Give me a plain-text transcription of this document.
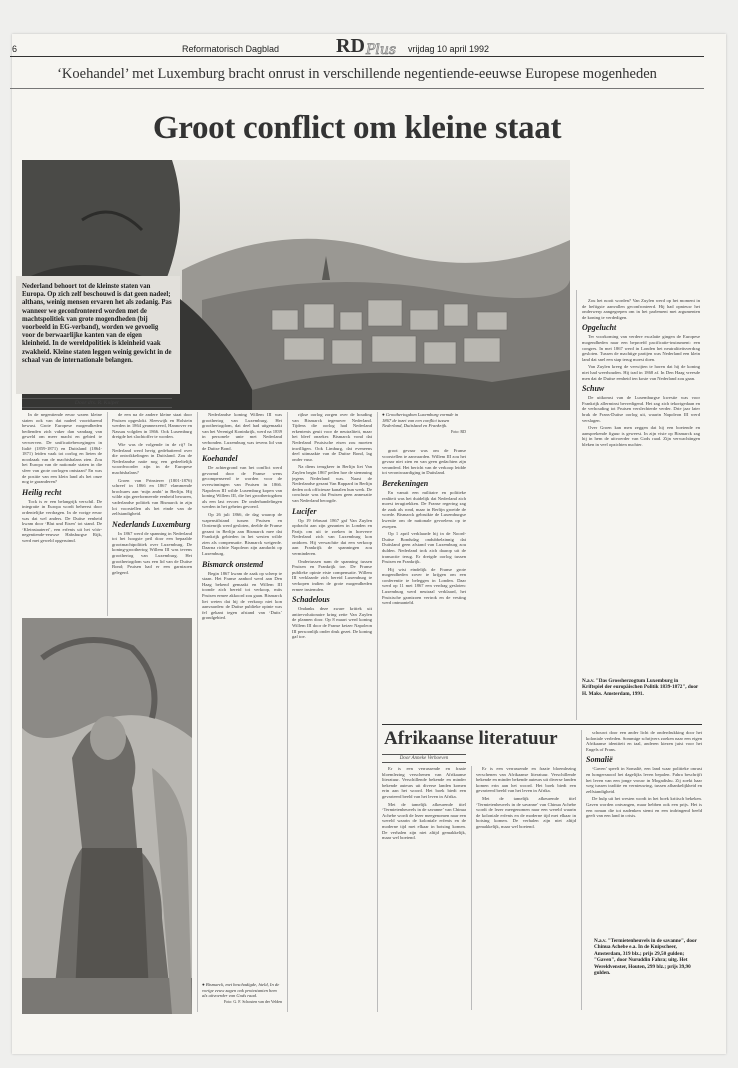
6	Reformatorisch Dagblad	vrijdag 10 april 1992
RD Plus
‘Koehandel’ met Luxemburg bracht onrust in verschillende negentiende-eeuwse Europese mogenheden
Groot conflict om kleine staat
Nederland behoort tot de kleinste staten van Europa. Op zich zelf beschouwd is dat geen nadeel; althans, weinig mensen ervaren het als zodanig. Pas wanneer we geconfronteerd worden met de machtspolitiek van grote mogendheden (bij voorbeeld in EG-verband), worden we gevoelig voor de berwaarlijke kanten van de eigen kleinheid. In de wereldpolitiek is kleinheid vaak zwakheid. Kleine staten leggen weinig gewicht in de schaal van de internationale belangen.
Door drs. R. Kuiper

In de negentiende eeuw waren kleine staten ook van dat nadeel voortdurend bewust. Grote Europese mogendheden bedienden zich vaker dan vandaag van geweld om meer macht en gebied te verwerven. De unificatiebewegingen in Italië (1859-1871) en Duitsland (1864-1871) leiden vaak tot oorlog en lieten de noodzaak van de machtsbalans zien. Zou het Europa van de nationale staten in die sfeer van grote oorlogen ontstaan? En was de positie van een klein land als het onze nog te garanderen?

Heilig recht

Tock is er een belangrijk verschil. De integratie in Europa wordt beheerst door ordentelijke verdragen. In de vorige eeuw was dat wel anders. De Duitse eenheid kwam door ‘Blut und Eisen’ tot stand. De ‘Kleinstaaterei’, een erfenis uit het vóór-negentiende-eeuwse Habsburgse Rijk, werd met geweld opgeruimd.

de een na de andere kleine staat door Pruisen opgeslokt. Sleeswijk en Holstein werden in 1864 geannexeerd, Hannover en Nassau volgden in 1866. Ook Luxemburg dreigde het slachtoffer te worden.

Wie was de volgende in de rij? In Nederland werd hevig gedebatteerd over die ontwikkelingen in Duitsland. Zou de Nederlandse natie nog een gedeeltelijk woordvoorder zijn in de Europese machtsbalans?

Groen van Prinsterer (1801-1876) schreef in 1866 en 1867 vlammende brochures aan ‘mijn ambt’ in Berlijn. Hij wilde zijn gereformeerde eenheid bewaren, vaderlandse politiek van Bismarck in zijn lot voorstellen als het einde van de zelfstandigheid.

Nederlands Luxemburg

In 1867 werd de spanning in Nederland tot het hoogste peil door een bepaalde grootmachtpolitiek over Luxemburg. De koning-groothertog Willem III was tevens groothertog van Luxemburg. Het groothertogdom was een lid van de Duitse Bond; Pruisen had er een garnizoen gelegerd.

Nederlandse koning Willem III was groothertog van Luxemburg. Het groothertogdom, dat deel had uitgemaakt van het Verenigd Koninkrijk, werd na 1839 in personele unie met Nederland verbonden. Luxemburg was tevens lid van de Duitse Bond.

Koehandel

De achtergrond van het conflict werd gevormd door de Franse wens gecompenseerd te worden voor de overwinningen van Pruisen in 1866. Napoleon III wilde Luxemburg kopen van koning Willem III, die het groothertogdom als een last ervoer. De onderhandelingen werden in het geheim gevoerd.

Op 26 juli 1866, de dag waarop de wapenstilstand tussen Pruisen en Oostenrijk werd gesloten, deelde de Franse gezant in Berlijn aan Bismarck mee dat Frankrijk gebieden in het westen wilde zien als compensatie. Bismarck weigerde. Daarna richtte Napoleon zijn aandacht op Luxemburg.

Bismarck onstemd

Begin 1867 kwam de zaak op scherp te staan. Het Franse aanbod werd aan Den Haag bekend gemaakt en Willem III toonde zich bereid tot verkoop, mits Pruisen ermee akkoord zou gaan. Bismarck liet weten dat hij de verkoop niet kon aanvaarden: de Duitse publieke opinie was fel gekant tegen afstand van ‘Duits’ grondgebied.

● Bismarck, met beschadigde, hield, In de vorige eeuw zagen ook protestanten hem als uitvoerder van Gods raad.
Foto: G. F. Schouten van der Velden

rijkse oorlog zorgen over de houding van Bismarck tegenover Nederland. Tijdens die oorlog had Nederland erkentenis geuit voor de neutraliteit, maar het bleef onzeker. Bismarck vond dat Nederland Pruisische eisen zou moeten inwilligen. Ook Limburg, dat eveneens deel uitmaakte van de Duitse Bond, lag onder vuur.

Na diens terugkeer in Berlijn liet Van Zuylen begin 1867 peilen hoe de stemming jegens Nederland was. Naast de Nederlandse gezant Van Rappard in Berlijn deden ook officieuze kanalen hun werk. De conclusie was dat Pruisen geen annexatie van Nederland beoogde.

Lucifer

Op 19 februari 1867 gaf Van Zuylen opdracht aan zijn gezanten in Londen en Parijs om uit te zoeken in hoeverre Nederland zich van Luxemburg kon ontdoen. Hij verwachtte dat een verkoop aan Frankrijk de spanningen zou verminderen.

Ondertussen nam de spanning tussen Pruisen en Frankrijk toe. De Franse publieke opinie eiste compensatie. Willem III verklaarde zich bereid Luxemburg te verkopen indien de grote mogendheden ermee instemden.

Schadelous

Ondanks deze zware kritiek uit antirevolutionaire kring zette Van Zuylen de plannen door. Op 8 maart werd koning Willem III door de Franse keizer Napoleon III persoonlijk onder druk gezet. De koning gaf toe.

● Groothertogdom Luxemburg vormde in 1867 de inzet van een conflict tussen Nederland, Duitsland en Frankrijk.
Foto: RD

groot gevaar was om de Franse voorstellen te aanvaarden. Willem III zou het gevaar niet zien en van geen gedachten zijn veranderd. Het bericht van de verkoop leidde tot verontwaardiging in Duitsland.

Berekeningen

En vanuit een militaire en politieke realiteit was het duidelijk dat Nederland zich moest terugtrekken. De Franse regering zag de zaak als rond, maar in Berlijn groeide de woede. Bismarck gebruikte de Luxemburgse kwestie om de nationale gevoelens op te zwepen.

Op 1 april verklaarde hij in de Noord-Duitse Bondsdag ondubbelzinnig dat Duitsland geen afstand van Luxemburg zou dulden. Nederland trok zich daarop uit de transactie terug. Er dreigde oorlog tussen Pruisen en Frankrijk.

Hij wist eindelijk de Franse grote mogendheden zover te krijgen om een conferentie te beleggen in Londen. Daar werd op 11 mei 1867 een verdrag gesloten: Luxemburg werd neutraal verklaard, het Pruisische garnizoen vertrok en de vesting werd ontmanteld.

Zou het nooit worden? Van Zuylen werd op het moment in de heftigste aanvallen geconfronteerd. Hij had opnieuw het onderwerp aangegrepen om in het parlement met argumenten de koning te verdedigen.

Opgelucht

Ter voorkoming van verdere escalatie gingen de Europese mogendheden naar een beproefd pacificatie-instrument: een congres. In mei 1867 werd in Londen het neutraliteitsverdrag gesloten. Tussen de machtige partijen was Nederland een klein land dat snel een stap terug moest doen.

Van Zuylen kreeg de verwijten te horen dat hij de koning niet had weerhouden. Hij trad in 1868 af. In Den Haag vreesde men dat de Duitse eenheid ten koste van Nederland zou gaan.

Schuw

De uitkomst van de Luxemburgse kwestie was voor Frankrijk allerminst bevredigend. Het zag zich tekortgedaan en de verhouding tot Pruisen verslechterde verder. Drie jaar later brak de Frans-Duitse oorlog uit, waarin Napoleon III werd verslagen.

Over Groen kan men zeggen dat hij een boeiende en aansprekende figuur is geweest. In zijn visie op Bismarck zag hij in hem de uitvoerder van Gods raad. Zijn verwachtingen bleken in veel opzichten nuchter.

N.a.v. "Das Grossherzogtum Luxemburg in Kriftspiel der europäischen Politik 1839-1872", door H. Maks. Amsterdam, 1991.
Afrikaanse literatuur
Door Anneke Verhoeven

Er is een verrassende en fraaie bloemlezing verschenen van Afrikaanse literatuur. Verschillende bekende en minder bekende auteurs uit diverse landen komen erin aan het woord. Het boek biedt een gevarieerd beeld van het leven in Afrika.

Met de tamelijk afkeurende titel ‘Termietenheuvels in de savanne’ van Chinua Achebe wordt de lezer meegenomen naar een wereld waarin de koloniale erfenis en de moderne tijd met elkaar in botsing komen. De verhalen zijn niet altijd gemakkelijk, maar wel boeiend.

Er is een verrassende en fraaie bloemlezing verschenen van Afrikaanse literatuur. Verschillende bekende en minder bekende auteurs uit diverse landen komen erin aan het woord. Het boek biedt een gevarieerd beeld van het leven in Afrika.

Met de tamelijk afkeurende titel ‘Termietenheuvels in de savanne’ van Chinua Achebe wordt de lezer meegenomen naar een wereld waarin de koloniale erfenis en de moderne tijd met elkaar in botsing komen. De verhalen zijn niet altijd gemakkelijk, maar wel boeiend.

schouwt door een ander licht de onderdrukking door het koloniale verleden. Sommige schrijvers zoeken naar een eigen Afrikaanse identiteit en taal, anderen kiezen juist voor het Engels of Frans.

Somalië

‘Gaven’ speelt in Somalië, een land waar politieke onrust en hongersnood het dagelijks leven bepalen. Fahra beschrijft het leven van een jonge vrouw in Mogadishu. Zij zoekt haar weg tussen traditie en vernieuwing, tussen afhankelijkheid en zelfstandigheid.

De hulp uit het westen wordt in het boek kritisch bekeken. Gaven worden ontvangen, maar hebben ook een prijs. Het is een roman die tot nadenken stemt en een indringend beeld geeft van een land in crisis.

N.a.v. "Termietenheuvels in de savanne", door Chinua Achebe e.a. In de Knipscheer, Amsterdam, 319 blz.; prijs 29,50 gulden; "Gaven", door Nuruddin Fahra; uitg. Het Wereldvenster, Houten, 299 blz.; prijs 39,90 gulden.
